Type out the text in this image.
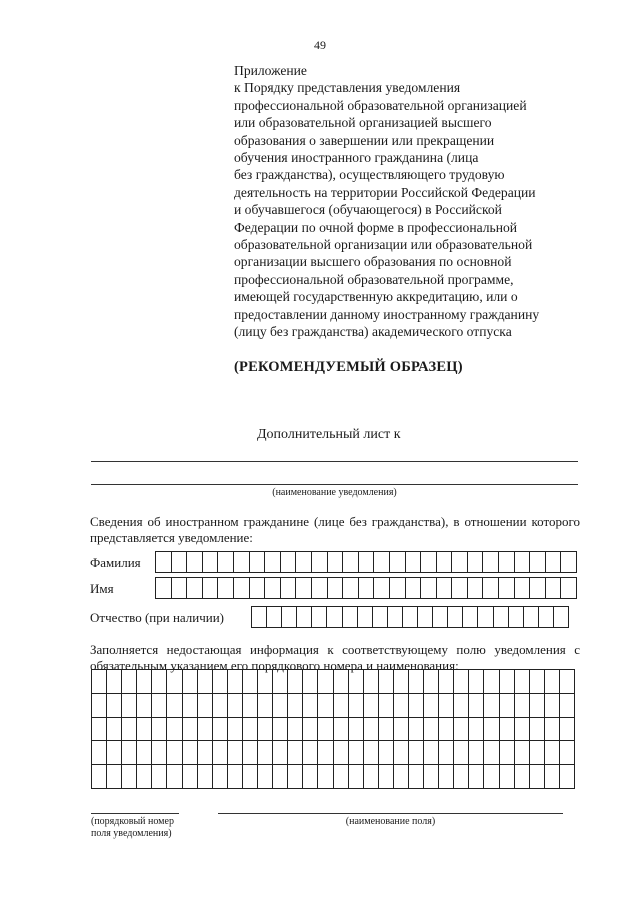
49
Приложение
к Порядку представления уведомления
профессиональной образовательной организацией
или образовательной организацией высшего
образования о завершении или прекращении
обучения иностранного гражданина (лица
без гражданства), осуществляющего трудовую
деятельность на территории Российской Федерации
и обучавшегося (обучающегося) в Российской
Федерации по очной форме в профессиональной
образовательной организации или образовательной
организации высшего образования по основной
профессиональной образовательной программе,
имеющей государственную аккредитацию, или о
предоставлении данному иностранному гражданину
(лицу без гражданства) академического отпуска
(РЕКОМЕНДУЕМЫЙ ОБРАЗЕЦ)
Дополнительный лист к
(наименование уведомления)
Сведения об иностранном гражданине (лице без гражданства), в отношении которого представляется уведомление:
Фамилия

Имя

Отчество (при наличии)

Заполняется недостающая информация к соответствующему полю уведомления с обязательным указанием его порядкового номера и наименования:

(порядковый номер
поля уведомления)
(наименование поля)
